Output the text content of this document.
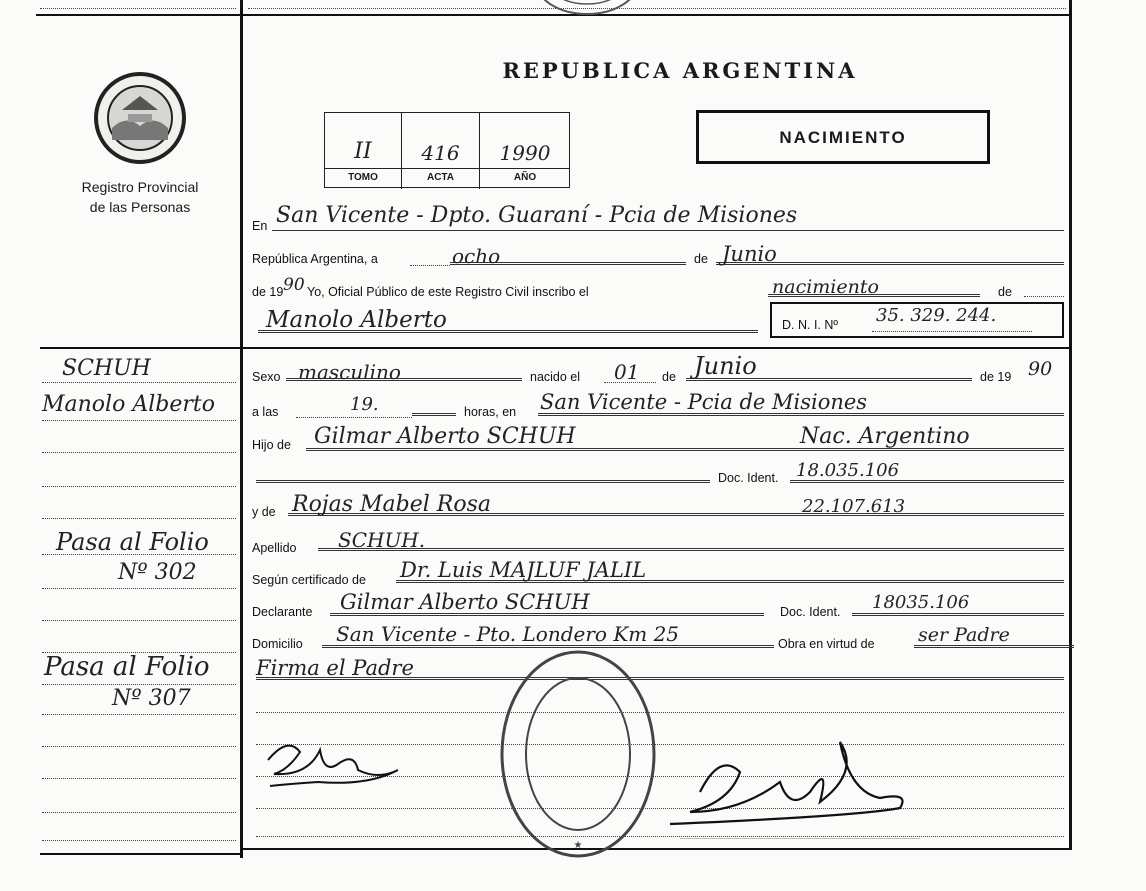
Registro Provincial
de las Personas
REPUBLICA ARGENTINA
II	416	1990
TOMO	ACTA	AÑO
NACIMIENTO
En San Vicente - Dpto. Guaraní - Pcia de Misiones
República Argentina, a	ocho	de Junio
de 19 90 Yo, Oficial Público de este Registro Civil inscribo el	nacimiento	de
Manolo Alberto	D. N. I. Nº 35. 329. 244.
Sexo masculino	nacido el 01 de Junio	de 19 90
a las	19.	horas, en San Vicente - Pcia de Misiones
Hijo de Gilmar Alberto SCHUH	Nac. Argentino
Doc. Ident. 18.035.106
y de Rojas Mabel Rosa	22.107.613
Apellido SCHUH.
Según certificado de Dr. Luis MAJLUF JALIL
Declarante Gilmar Alberto SCHUH	Doc. Ident. 18035.106
Domicilio San Vicente - Pto. Londero Km 25	Obra en virtud de ser Padre
Firma el Padre
SCHUH
Manolo Alberto
Pasa al Folio
Nº 302
Pasa al Folio
Nº 307
★
